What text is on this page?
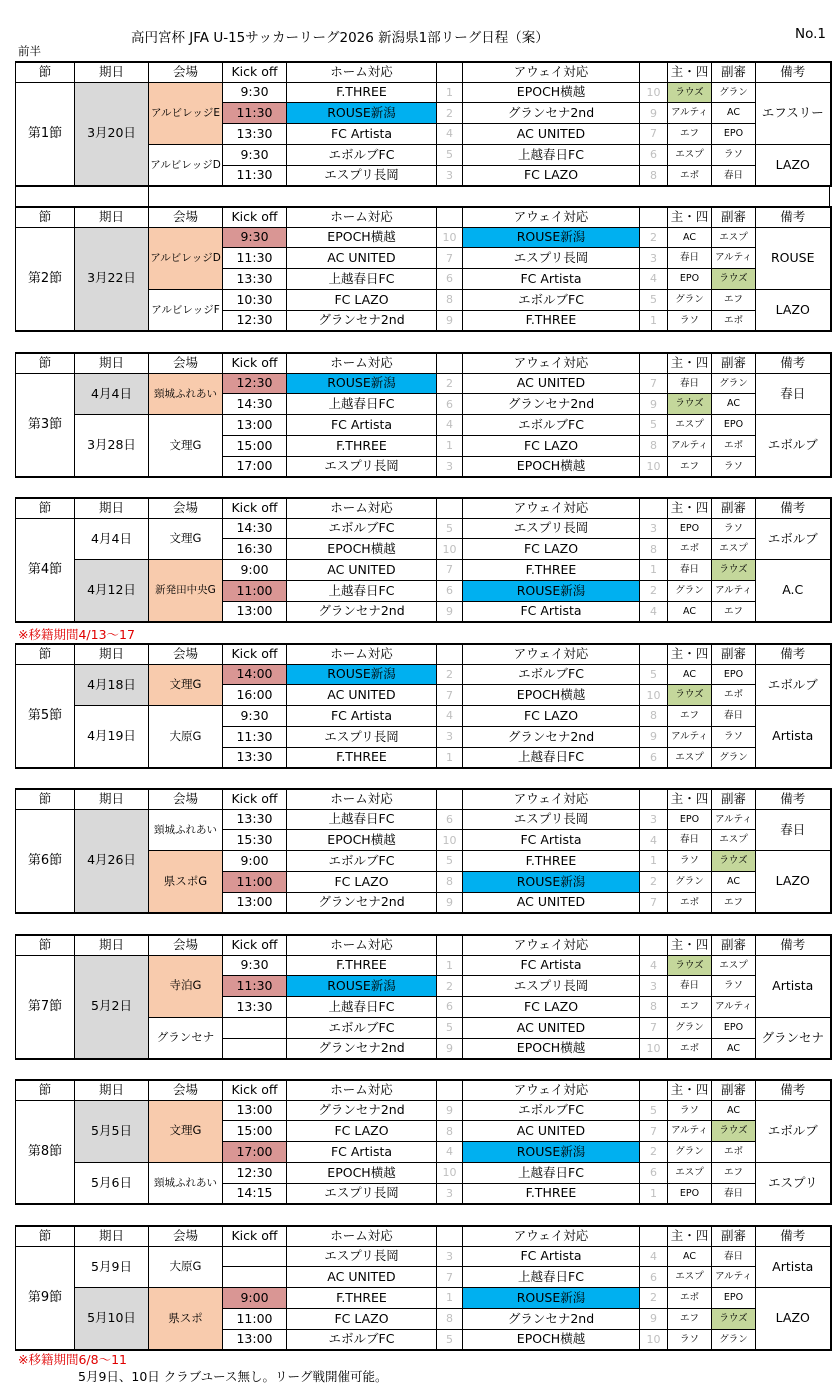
高円宮杯 JFA U-15サッカーリーグ2026 新潟県1部リーグ日程（案）	No.1
前半
節	期日	会場	Kick off	ホーム対応		アウェイ対応		主・四	副審	備考
第1節	3月20日	アルビレッジE	9:30	F.THREE	1	EPOCH横越	10	ラウズ	グラン	エフスリー
			11:30	ROUSE新潟	2	グランセナ2nd	9	アルティ	AC	
			13:30	FC Artista	4	AC UNITED	7	エフ	EPO	
		アルビレッジD	9:30	エボルブFC	5	上越春日FC	6	エスプ	ラソ	LAZO
			11:30	エスプリ長岡	3	FC LAZO	8	エボ	春日	
節	期日	会場	Kick off	ホーム対応		アウェイ対応		主・四	副審	備考
第2節	3月22日	アルビレッジD	9:30	EPOCH横越	10	ROUSE新潟	2	AC	エスプ	ROUSE
			11:30	AC UNITED	7	エスプリ長岡	3	春日	アルティ	
			13:30	上越春日FC	6	FC Artista	4	EPO	ラウズ	
		アルビレッジF	10:30	FC LAZO	8	エボルブFC	5	グラン	エフ	LAZO
			12:30	グランセナ2nd	9	F.THREE	1	ラソ	エボ	
節	期日	会場	Kick off	ホーム対応		アウェイ対応		主・四	副審	備考
第3節	4月4日	頸城ふれあい	12:30	ROUSE新潟	2	AC UNITED	7	春日	グラン	春日
			14:30	上越春日FC	6	グランセナ2nd	9	ラウズ	AC	
	3月28日	文理G	13:00	FC Artista	4	エボルブFC	5	エスプ	EPO	エボルブ
			15:00	F.THREE	1	FC LAZO	8	アルティ	エボ	
			17:00	エスプリ長岡	3	EPOCH横越	10	エフ	ラソ	
節	期日	会場	Kick off	ホーム対応		アウェイ対応		主・四	副審	備考
第4節	4月4日	文理G	14:30	エボルブFC	5	エスプリ長岡	3	EPO	ラソ	エボルブ
			16:30	EPOCH横越	10	FC LAZO	8	エボ	エスプ	
	4月12日	新発田中央G	9:00	AC UNITED	7	F.THREE	1	春日	ラウズ	A.C
			11:00	上越春日FC	6	ROUSE新潟	2	グラン	アルティ	
			13:00	グランセナ2nd	9	FC Artista	4	AC	エフ	
節	期日	会場	Kick off	ホーム対応		アウェイ対応		主・四	副審	備考
第5節	4月18日	文理G	14:00	ROUSE新潟	2	エボルブFC	5	AC	EPO	エボルブ
			16:00	AC UNITED	7	EPOCH横越	10	ラウズ	エボ	
	4月19日	大原G	9:30	FC Artista	4	FC LAZO	8	エフ	春日	Artista
			11:30	エスプリ長岡	3	グランセナ2nd	9	アルティ	ラソ	
			13:30	F.THREE	1	上越春日FC	6	エスプ	グラン	
節	期日	会場	Kick off	ホーム対応		アウェイ対応		主・四	副審	備考
第6節	4月26日	頸城ふれあい	13:30	上越春日FC	6	エスプリ長岡	3	EPO	アルティ	春日
			15:30	EPOCH横越	10	FC Artista	4	春日	エスプ	
		県スポG	9:00	エボルブFC	5	F.THREE	1	ラソ	ラウズ	LAZO
			11:00	FC LAZO	8	ROUSE新潟	2	グラン	AC	
			13:00	グランセナ2nd	9	AC UNITED	7	エボ	エフ	
節	期日	会場	Kick off	ホーム対応		アウェイ対応		主・四	副審	備考
第7節	5月2日	寺泊G	9:30	F.THREE	1	FC Artista	4	ラウズ	エスプ	Artista
			11:30	ROUSE新潟	2	エスプリ長岡	3	春日	ラソ	
			13:30	上越春日FC	6	FC LAZO	8	エフ	アルティ	
		グランセナ		エボルブFC	5	AC UNITED	7	グラン	EPO	グランセナ
				グランセナ2nd	9	EPOCH横越	10	エボ	AC	
節	期日	会場	Kick off	ホーム対応		アウェイ対応		主・四	副審	備考
第8節	5月5日	文理G	13:00	グランセナ2nd	9	エボルブFC	5	ラソ	AC	エボルブ
			15:00	FC LAZO	8	AC UNITED	7	アルティ	ラウズ	
			17:00	FC Artista	4	ROUSE新潟	2	グラン	エボ	
	5月6日	頸城ふれあい	12:30	EPOCH横越	10	上越春日FC	6	エスプ	エフ	エスプリ
			14:15	エスプリ長岡	3	F.THREE	1	EPO	春日	
節	期日	会場	Kick off	ホーム対応		アウェイ対応		主・四	副審	備考
第9節	5月9日	大原G		エスプリ長岡	3	FC Artista	4	AC	春日	Artista
				AC UNITED	7	上越春日FC	6	エスプ	アルティ	
	5月10日	県スポ	9:00	F.THREE	1	ROUSE新潟	2	エボ	EPO	LAZO
			11:00	FC LAZO	8	グランセナ2nd	9	エフ	ラウズ	
			13:00	エボルブFC	5	EPOCH横越	10	ラソ	グラン	
※移籍期間4/13～17
※移籍期間6/8～11
5月9日、10日 クラブユース無し。リーグ戦開催可能。
